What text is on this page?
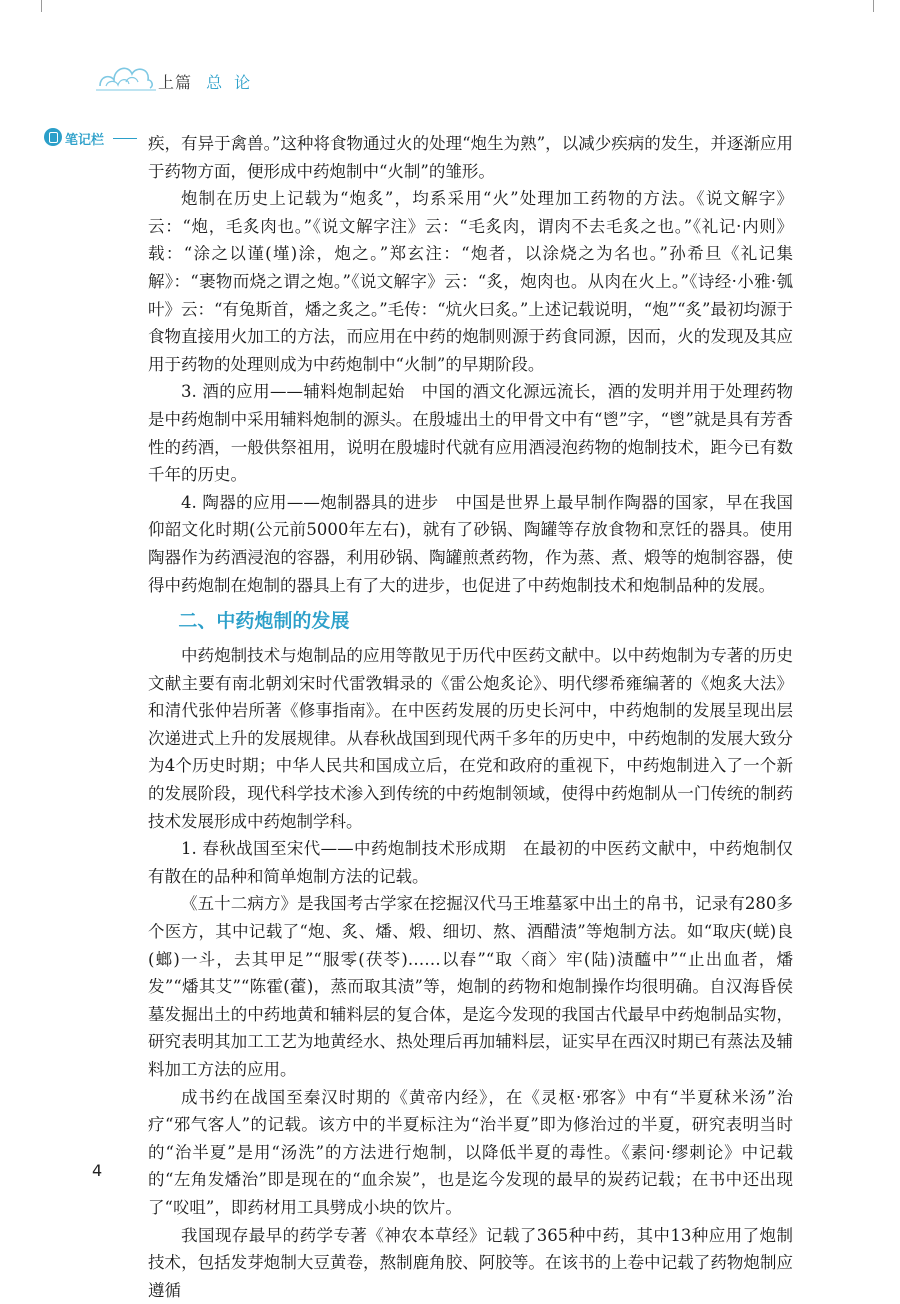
上篇 总论
笔记栏	疾，有异于禽兽。”这种将食物通过火的处理“炮生为熟”，以减少疾病的发生，并逐渐应用于药物方面，便形成中药炮制中“火制”的雏形。

炮制在历史上记载为“炮炙”，均系采用“火”处理加工药物的方法。《说文解字》云：“炮，毛炙肉也。”《说文解字注》云：“毛炙肉，谓肉不去毛炙之也。”《礼记·内则》载：“涂之以谨(墐)涂，炮之。”郑玄注：“炮者，以涂烧之为名也。”孙希旦《礼记集解》：“裹物而烧之谓之炮。”《说文解字》云：“炙，炮肉也。从肉在火上。”《诗经·小雅·瓠叶》云：“有兔斯首，燔之炙之。”毛传：“炕火曰炙。”上述记载说明，“炮”“炙”最初均源于食物直接用火加工的方法，而应用在中药的炮制则源于药食同源，因而，火的发现及其应用于药物的处理则成为中药炮制中“火制”的早期阶段。

3. 酒的应用——辅料炮制起始　中国的酒文化源远流长，酒的发明并用于处理药物是中药炮制中采用辅料炮制的源头。在殷墟出土的甲骨文中有“鬯”字，“鬯”就是具有芳香性的药酒，一般供祭祖用，说明在殷墟时代就有应用酒浸泡药物的炮制技术，距今已有数千年的历史。

4. 陶器的应用——炮制器具的进步　中国是世界上最早制作陶器的国家，早在我国仰韶文化时期(公元前5000年左右)，就有了砂锅、陶罐等存放食物和烹饪的器具。使用陶器作为药酒浸泡的容器，利用砂锅、陶罐煎煮药物，作为蒸、煮、煅等的炮制容器，使得中药炮制在炮制的器具上有了大的进步，也促进了中药炮制技术和炮制品种的发展。

二、中药炮制的发展

中药炮制技术与炮制品的应用等散见于历代中医药文献中。以中药炮制为专著的历史文献主要有南北朝刘宋时代雷敩辑录的《雷公炮炙论》、明代缪希雍编著的《炮炙大法》和清代张仲岩所著《修事指南》。在中医药发展的历史长河中，中药炮制的发展呈现出层次递进式上升的发展规律。从春秋战国到现代两千多年的历史中，中药炮制的发展大致分为4个历史时期；中华人民共和国成立后，在党和政府的重视下，中药炮制进入了一个新的发展阶段，现代科学技术渗入到传统的中药炮制领域，使得中药炮制从一门传统的制药技术发展形成中药炮制学科。

1. 春秋战国至宋代——中药炮制技术形成期　在最初的中医药文献中，中药炮制仅有散在的品种和简单炮制方法的记载。

《五十二病方》是我国考古学家在挖掘汉代马王堆墓冢中出土的帛书，记录有280多个医方，其中记载了“炮、炙、燔、煅、细切、熬、酒醋渍”等炮制方法。如“取庆(蜣)良(螂)一斗，去其甲足”“服零(茯苓)……以春”“取〈商〉牢(陆)渍醯中”“止出血者，燔发”“燔其艾”“陈霍(藿)，蒸而取其渍”等，炮制的药物和炮制操作均很明确。自汉海昏侯墓发掘出土的中药地黄和辅料层的复合体，是迄今发现的我国古代最早中药炮制品实物，研究表明其加工工艺为地黄经水、热处理后再加辅料层，证实早在西汉时期已有蒸法及辅料加工方法的应用。

成书约在战国至秦汉时期的《黄帝内经》，在《灵枢·邪客》中有“半夏秫米汤”治疗“邪气客人”的记载。该方中的半夏标注为“治半夏”即为修治过的半夏，研究表明当时的“治半夏”是用“汤洗”的方法进行炮制，以降低半夏的毒性。《素问·缪刺论》中记载的“左角发燔治”即是现在的“血余炭”，也是迄今发现的最早的炭药记载；在书中还出现了“㕮咀”，即药材用工具劈成小块的饮片。

我国现存最早的药学专著《神农本草经》记载了365种中药，其中13种应用了炮制技术，包括发芽炮制大豆黄卷，熬制鹿角胶、阿胶等。在该书的上卷中记载了药物炮制应遵循

4
